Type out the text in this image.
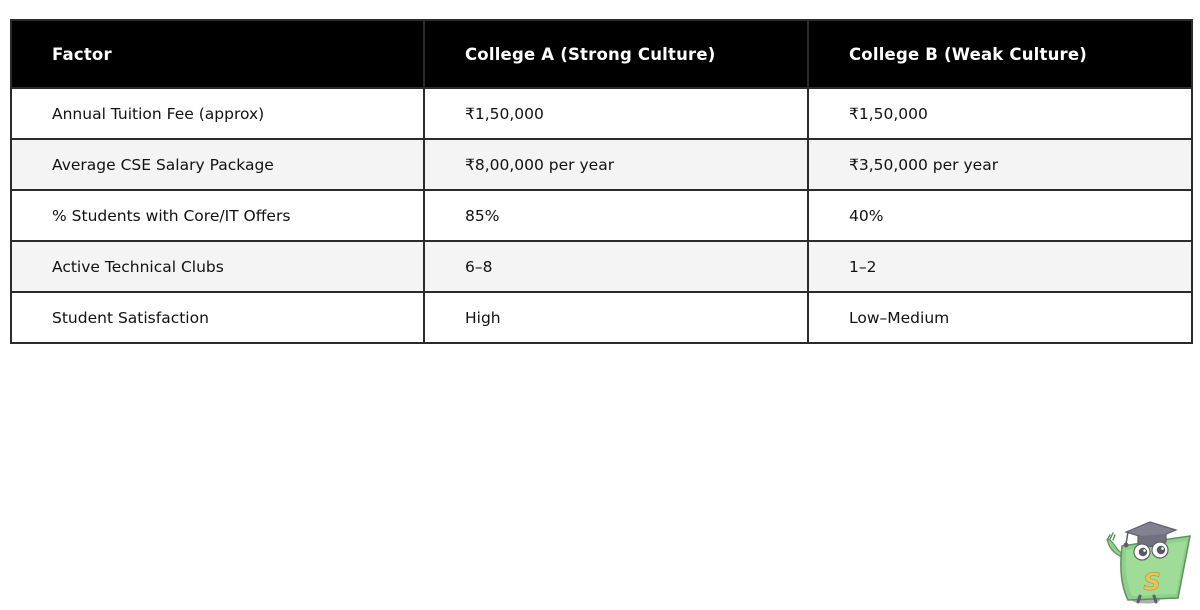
Factor	College A (Strong Culture)	College B (Weak Culture)
Annual Tuition Fee (approx)	₹1,50,000	₹1,50,000
Average CSE Salary Package	₹8,00,000 per year	₹3,50,000 per year
% Students with Core/IT Offers	85%	40%
Active Technical Clubs	6–8	1–2
Student Satisfaction	High	Low–Medium
S
